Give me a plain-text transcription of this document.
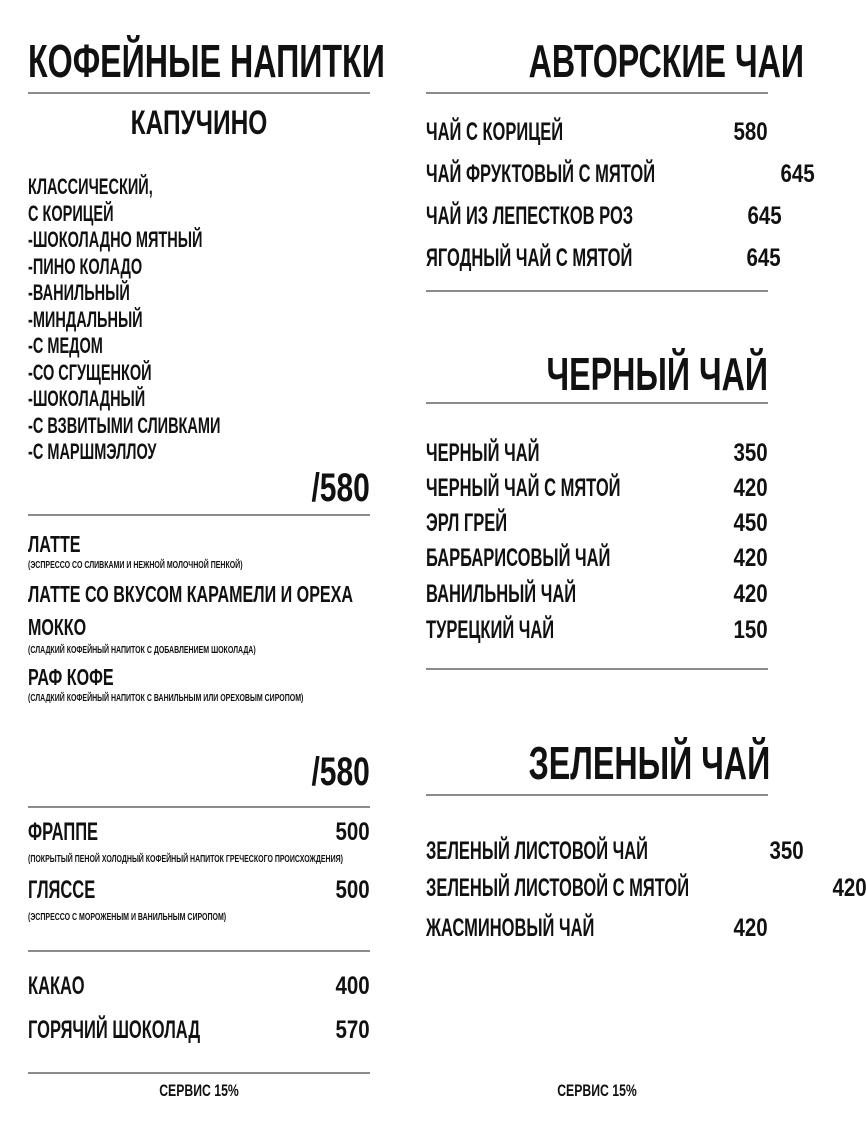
КОФЕЙНЫЕ НАПИТКИ
КАПУЧИНО
КЛАССИЧЕСКИЙ,
С КОРИЦЕЙ
-ШОКОЛАДНО МЯТНЫЙ
-ПИНО КОЛАДО
-ВАНИЛЬНЫЙ
-МИНДАЛЬНЫЙ
-С МЕДОМ
-СО СГУЩЕНКОЙ
-ШОКОЛАДНЫЙ
-С ВЗВИТЫМИ СЛИВКАМИ
-С МАРШМЭЛЛОУ
/580
ЛАТТЕ
(ЭСПРЕССО СО СЛИВКАМИ И НЕЖНОЙ МОЛОЧНОЙ ПЕНКОЙ)
ЛАТТЕ СО ВКУСОМ КАРАМЕЛИ И ОРЕХА
МОККО
(СЛАДКИЙ КОФЕЙНЫЙ НАПИТОК С ДОБАВЛЕНИЕМ ШОКОЛАДА)
РАФ КОФЕ
(СЛАДКИЙ КОФЕЙНЫЙ НАПИТОК С ВАНИЛЬНЫМ ИЛИ ОРЕХОВЫМ СИРОПОМ)
/580
ФРАППЕ	500
(ПОКРЫТЫЙ ПЕНОЙ ХОЛОДНЫЙ КОФЕЙНЫЙ НАПИТОК ГРЕЧЕСКОГО ПРОИСХОЖДЕНИЯ)
ГЛЯССЕ	500
(ЭСПРЕССО С МОРОЖЕНЫМ И ВАНИЛЬНЫМ СИРОПОМ)
КАКАО	400
ГОРЯЧИЙ ШОКОЛАД	570
СЕРВИС 15%
АВТОРСКИЕ ЧАИ
ЧАЙ С КОРИЦЕЙ	580
ЧАЙ ФРУКТОВЫЙ С МЯТОЙ	645
ЧАЙ ИЗ ЛЕПЕСТКОВ РОЗ	645
ЯГОДНЫЙ ЧАЙ С МЯТОЙ	645
ЧЕРНЫЙ ЧАЙ
ЧЕРНЫЙ ЧАЙ	350
ЧЕРНЫЙ ЧАЙ С МЯТОЙ	420
ЭРЛ ГРЕЙ	450
БАРБАРИСОВЫЙ ЧАЙ	420
ВАНИЛЬНЫЙ ЧАЙ	420
ТУРЕЦКИЙ ЧАЙ	150
ЗЕЛЕНЫЙ ЧАЙ
ЗЕЛЕНЫЙ ЛИСТОВОЙ ЧАЙ	350
ЗЕЛЕНЫЙ ЛИСТОВОЙ С МЯТОЙ	420
ЖАСМИНОВЫЙ ЧАЙ	420
СЕРВИС 15%
